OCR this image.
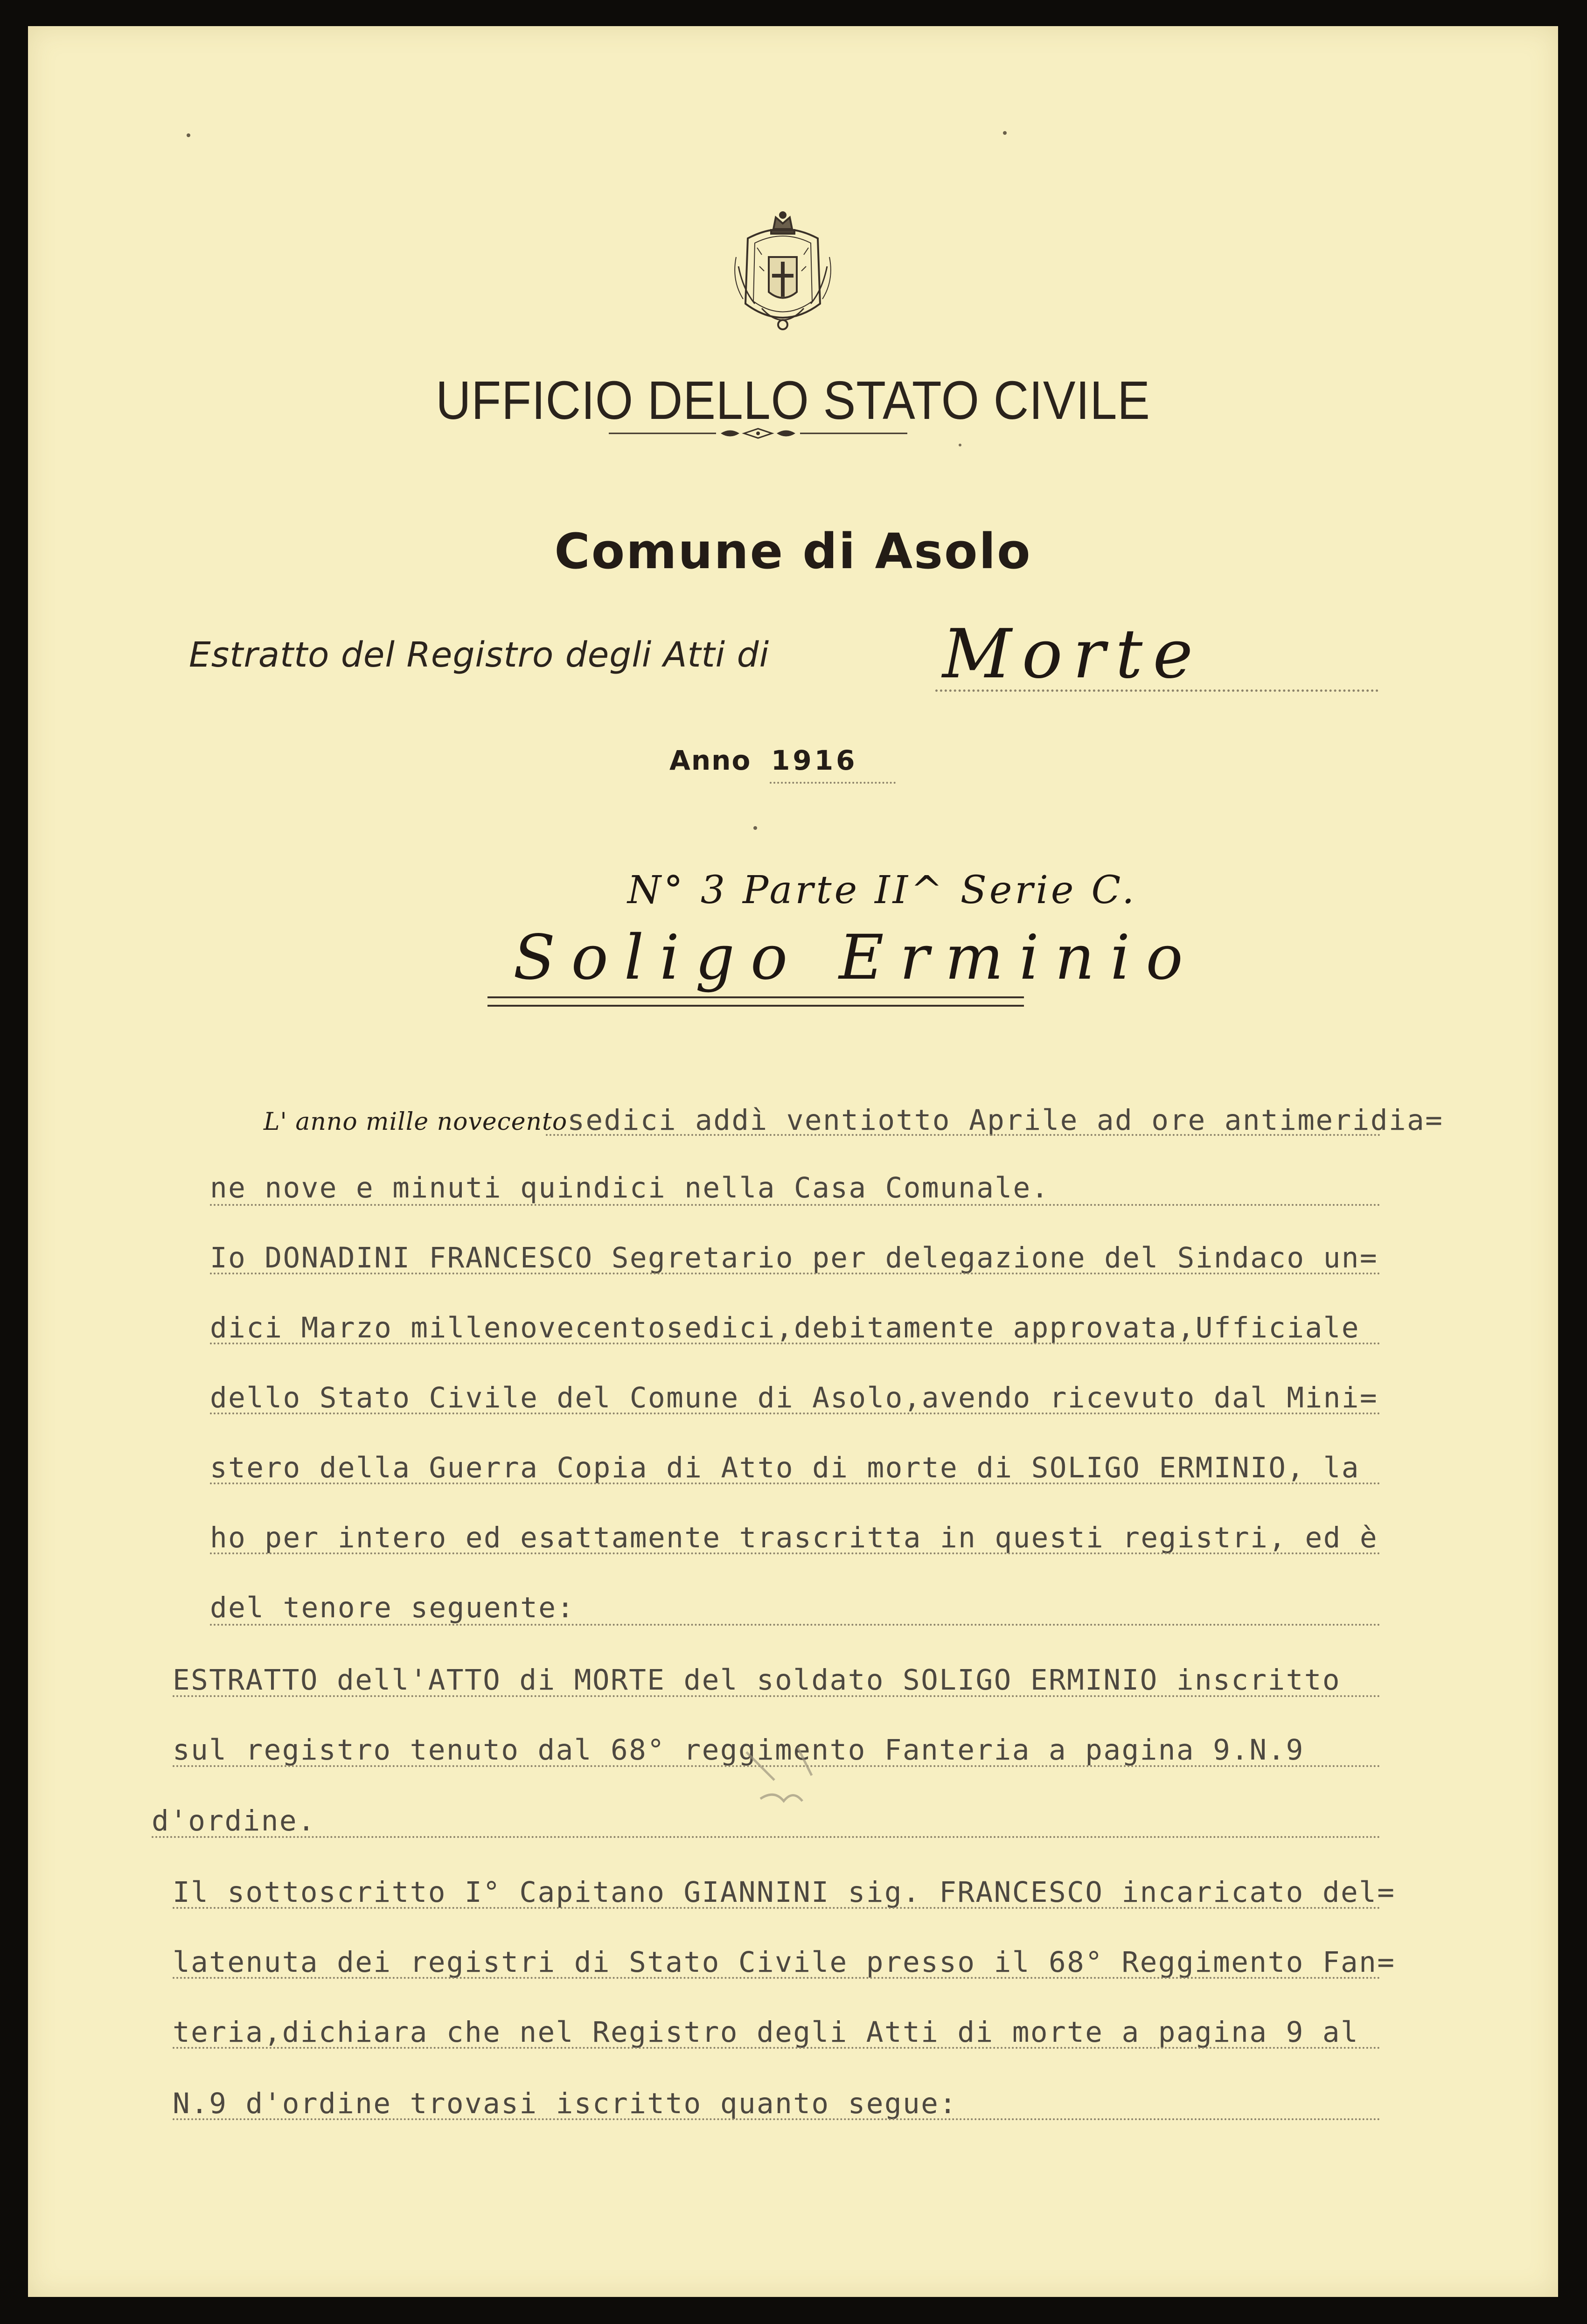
UFFICIO DELLO STATO CIVILE
Comune di Asolo
Estratto del Registro degli Atti di	Morte
Anno 1916
N° 3 Parte II^ Serie C.
Soligo Erminio
L' anno mille novecentosedici addì ventiotto Aprile ad ore antimeridia=
ne nove e minuti quindici nella Casa Comunale.
Io DONADINI FRANCESCO Segretario per delegazione del Sindaco un=
dici Marzo millenovecentosedici,debitamente approvata,Ufficiale
dello Stato Civile del Comune di Asolo,avendo ricevuto dal Mini=
stero della Guerra Copia di Atto di morte di SOLIGO ERMINIO, la
ho per intero ed esattamente trascritta in questi registri, ed è
del tenore seguente:
ESTRATTO dell'ATTO di MORTE del soldato SOLIGO ERMINIO inscritto
sul registro tenuto dal 68° reggimento Fanteria a pagina 9.N.9
d'ordine.
Il sottoscritto I° Capitano GIANNINI sig. FRANCESCO incaricato del=
latenuta dei registri di Stato Civile presso il 68° Reggimento Fan=
teria,dichiara che nel Registro degli Atti di morte a pagina 9 al
N.9 d'ordine trovasi iscritto quanto segue:
